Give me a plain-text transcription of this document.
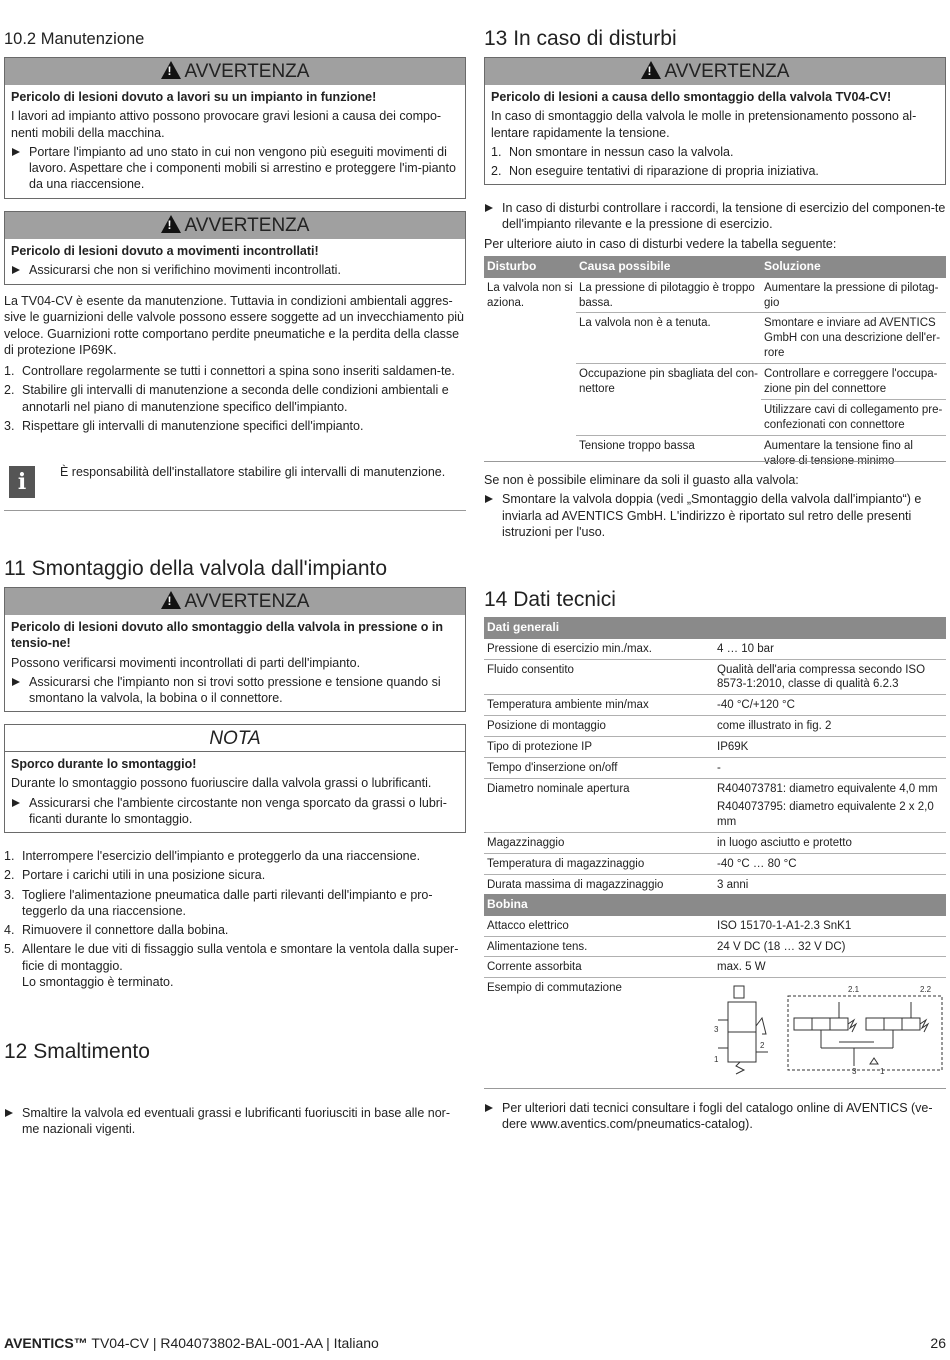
10.2 Manutenzione
!AVVERTENZA
Pericolo di lesioni dovuto a lavori su un impianto in funzione!
I lavori ad impianto attivo possono provocare gravi lesioni a causa dei compo-nenti mobili della macchina.
Portare l'impianto ad uno stato in cui non vengono più eseguiti movimenti di lavoro. Aspettare che i componenti mobili si arrestino e proteggere l'im-pianto da una riaccensione.
!AVVERTENZA
Pericolo di lesioni dovuto a movimenti incontrollati!
Assicurarsi che non si verifichino movimenti incontrollati.
La TV04-CV è esente da manutenzione. Tuttavia in condizioni ambientali aggres-sive le guarnizioni delle valvole possono essere soggette ad un invecchiamento più veloce. Guarnizioni rotte comportano perdite pneumatiche e la perdita della classe di protezione IP69K.
1. Controllare regolarmente se tutti i connettori a spina sono inseriti saldamen-te.
2. Stabilire gli intervalli di manutenzione a seconda delle condizioni ambientali e annotarli nel piano di manutenzione specifico dell'impianto.
3. Rispettare gli intervalli di manutenzione specifici dell'impianto.
i	È responsabilità dell'installatore stabilire gli intervalli di manutenzione.
11 Smontaggio della valvola dall'impianto
!AVVERTENZA
Pericolo di lesioni dovuto allo smontaggio della valvola in pressione o in tensio-ne!
Possono verificarsi movimenti incontrollati di parti dell'impianto.
Assicurarsi che l'impianto non si trovi sotto pressione e tensione quando si smontano la valvola, la bobina o il connettore.
NOTA
Sporco durante lo smontaggio!
Durante lo smontaggio possono fuoriuscire dalla valvola grassi o lubrificanti.
Assicurarsi che l'ambiente circostante non venga sporcato da grassi o lubri-ficanti durante lo smontaggio.
1. Interrompere l'esercizio dell'impianto e proteggerlo da una riaccensione.
2. Portare i carichi utili in una posizione sicura.
3. Togliere l'alimentazione pneumatica dalle parti rilevanti dell'impianto e pro-teggerlo da una riaccensione.
4. Rimuovere il connettore dalla bobina.
5. Allentare le due viti di fissaggio sulla ventola e smontare la ventola dalla super-ficie di montaggio.
Lo smontaggio è terminato.
12 Smaltimento
Smaltire la valvola ed eventuali grassi e lubrificanti fuoriusciti in base alle nor-me nazionali vigenti.
13 In caso di disturbi
!AVVERTENZA
Pericolo di lesioni a causa dello smontaggio della valvola TV04-CV!
In caso di smontaggio della valvola le molle in pretensionamento possono al-lentare rapidamente la tensione.
1. Non smontare in nessun caso la valvola.
2. Non eseguire tentativi di riparazione di propria iniziativa.
In caso di disturbi controllare i raccordi, la tensione di esercizio del componen-te dell'impianto rilevante e la pressione di esercizio.
Per ulteriore aiuto in caso di disturbi vedere la tabella seguente:
Disturbo	Causa possibile	Soluzione
La valvola non si aziona.	La pressione di pilotaggio è troppo bassa.	Aumentare la pressione di pilotag-gio
	La valvola non è a tenuta.	Smontare e inviare ad AVENTICS GmbH con una descrizione dell'er-rore
	Occupazione pin sbagliata del con-nettore	Controllare e correggere l'occupa-zione pin del connettore
		Utilizzare cavi di collegamento pre-confezionati con connettore
	Tensione troppo bassa	Aumentare la tensione fino al valore di tensione minimo
Se non è possibile eliminare da soli il guasto alla valvola:
Smontare la valvola doppia (vedi „Smontaggio della valvola dall'impianto“) e inviarla ad AVENTICS GmbH. L'indirizzo è riportato sul retro delle presenti istruzioni per l'uso.
14 Dati tecnici
Dati generali	
Pressione di esercizio min./max.	4 … 10 bar
Fluido consentito	Qualità dell'aria compressa secondo ISO 8573-1:2010, classe di qualità 6.2.3
Temperatura ambiente min/max	-40 °C/+120 °C
Posizione di montaggio	come illustrato in fig. 2
Tipo di protezione IP	IP69K
Tempo d'inserzione on/off	-
Diametro nominale apertura	R404073781: diametro equivalente 4,0 mm
R404073795: diametro equivalente 2 x 2,0 mm

Magazzinaggio	in luogo asciutto e protetto
Temperatura di magazzinaggio	-40 °C … 80 °C
Durata massima di magazzinaggio	3 anni
Bobina	
Attacco elettrico	ISO 15170-1-A1-2.3 SnK1
Alimentazione tens.	24 V DC (18 … 32 V DC)
Corrente assorbita	max. 5 W
Esempio di commutazione		2.1	2.2
3
1
3
2
1
Per ulteriori dati tecnici consultare i fogli del catalogo online di AVENTICS (ve-dere www.aventics.com/pneumatics-catalog).
AVENTICS™ TV04-CV | R404073802-BAL-001-AA | Italiano	26
